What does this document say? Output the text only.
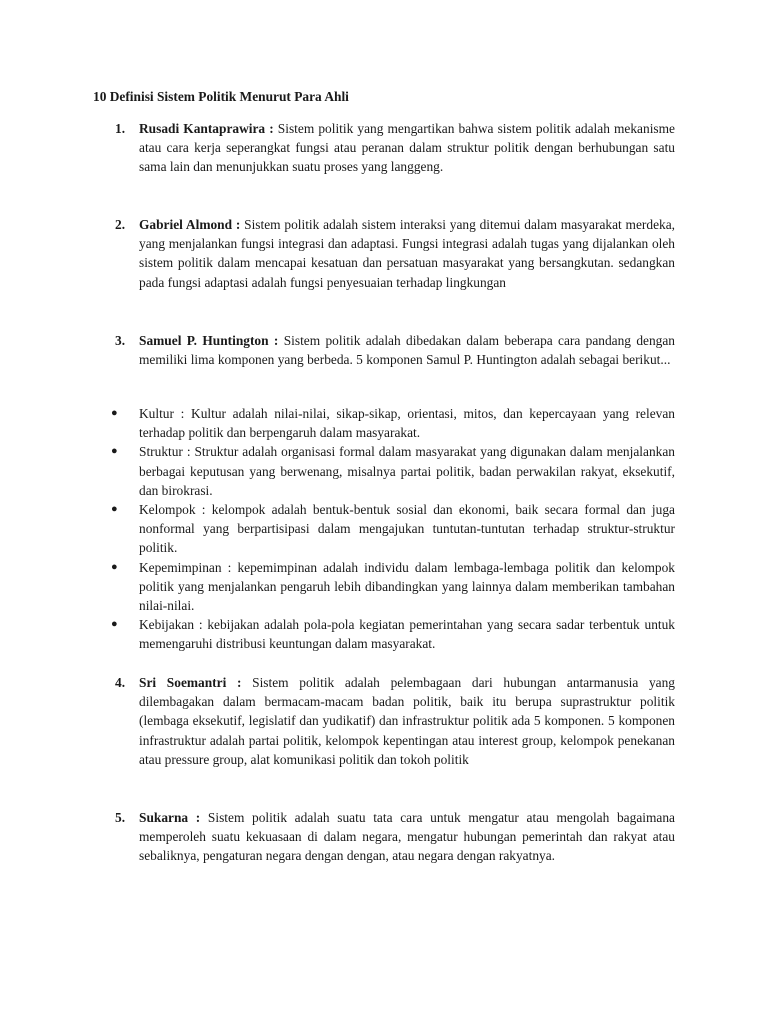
10 Definisi Sistem Politik Menurut Para Ahli
1. Rusadi Kantaprawira : Sistem politik yang mengartikan bahwa sistem politik adalah mekanisme atau cara kerja seperangkat fungsi atau peranan dalam struktur politik dengan berhubungan satu sama lain dan menunjukkan suatu proses yang langgeng.
2. Gabriel Almond : Sistem politik adalah sistem interaksi yang ditemui dalam masyarakat merdeka, yang menjalankan fungsi integrasi dan adaptasi. Fungsi integrasi adalah tugas yang dijalankan oleh sistem politik dalam mencapai kesatuan dan persatuan masyarakat yang bersangkutan. sedangkan pada fungsi adaptasi adalah fungsi penyesuaian terhadap lingkungan
3. Samuel P. Huntington : Sistem politik adalah dibedakan dalam beberapa cara pandang dengan memiliki lima komponen yang berbeda. 5 komponen Samul P. Huntington adalah sebagai berikut...
● Kultur : Kultur adalah nilai-nilai, sikap-sikap, orientasi, mitos, dan kepercayaan yang relevan terhadap politik dan berpengaruh dalam masyarakat.
● Struktur : Struktur adalah organisasi formal dalam masyarakat yang digunakan dalam menjalankan berbagai keputusan yang berwenang, misalnya partai politik, badan perwakilan rakyat, eksekutif, dan birokrasi.
● Kelompok : kelompok adalah bentuk-bentuk sosial dan ekonomi, baik secara formal dan juga nonformal yang berpartisipasi dalam mengajukan tuntutan-tuntutan terhadap struktur-struktur politik.
● Kepemimpinan : kepemimpinan adalah individu dalam lembaga-lembaga politik dan kelompok politik yang menjalankan pengaruh lebih dibandingkan yang lainnya dalam memberikan tambahan nilai-nilai.
● Kebijakan : kebijakan adalah pola-pola kegiatan pemerintahan yang secara sadar terbentuk untuk memengaruhi distribusi keuntungan dalam masyarakat.
4. Sri Soemantri : Sistem politik adalah pelembagaan dari hubungan antarmanusia yang dilembagakan dalam bermacam-macam badan politik, baik itu berupa suprastruktur politik (lembaga eksekutif, legislatif dan yudikatif) dan infrastruktur politik ada 5 komponen. 5 komponen infrastruktur adalah partai politik, kelompok kepentingan atau interest group, kelompok penekanan atau pressure group, alat komunikasi politik dan tokoh politik
5. Sukarna : Sistem politik adalah suatu tata cara untuk mengatur atau mengolah bagaimana memperoleh suatu kekuasaan di dalam negara, mengatur hubungan pemerintah dan rakyat atau sebaliknya, pengaturan negara dengan dengan, atau negara dengan rakyatnya.
